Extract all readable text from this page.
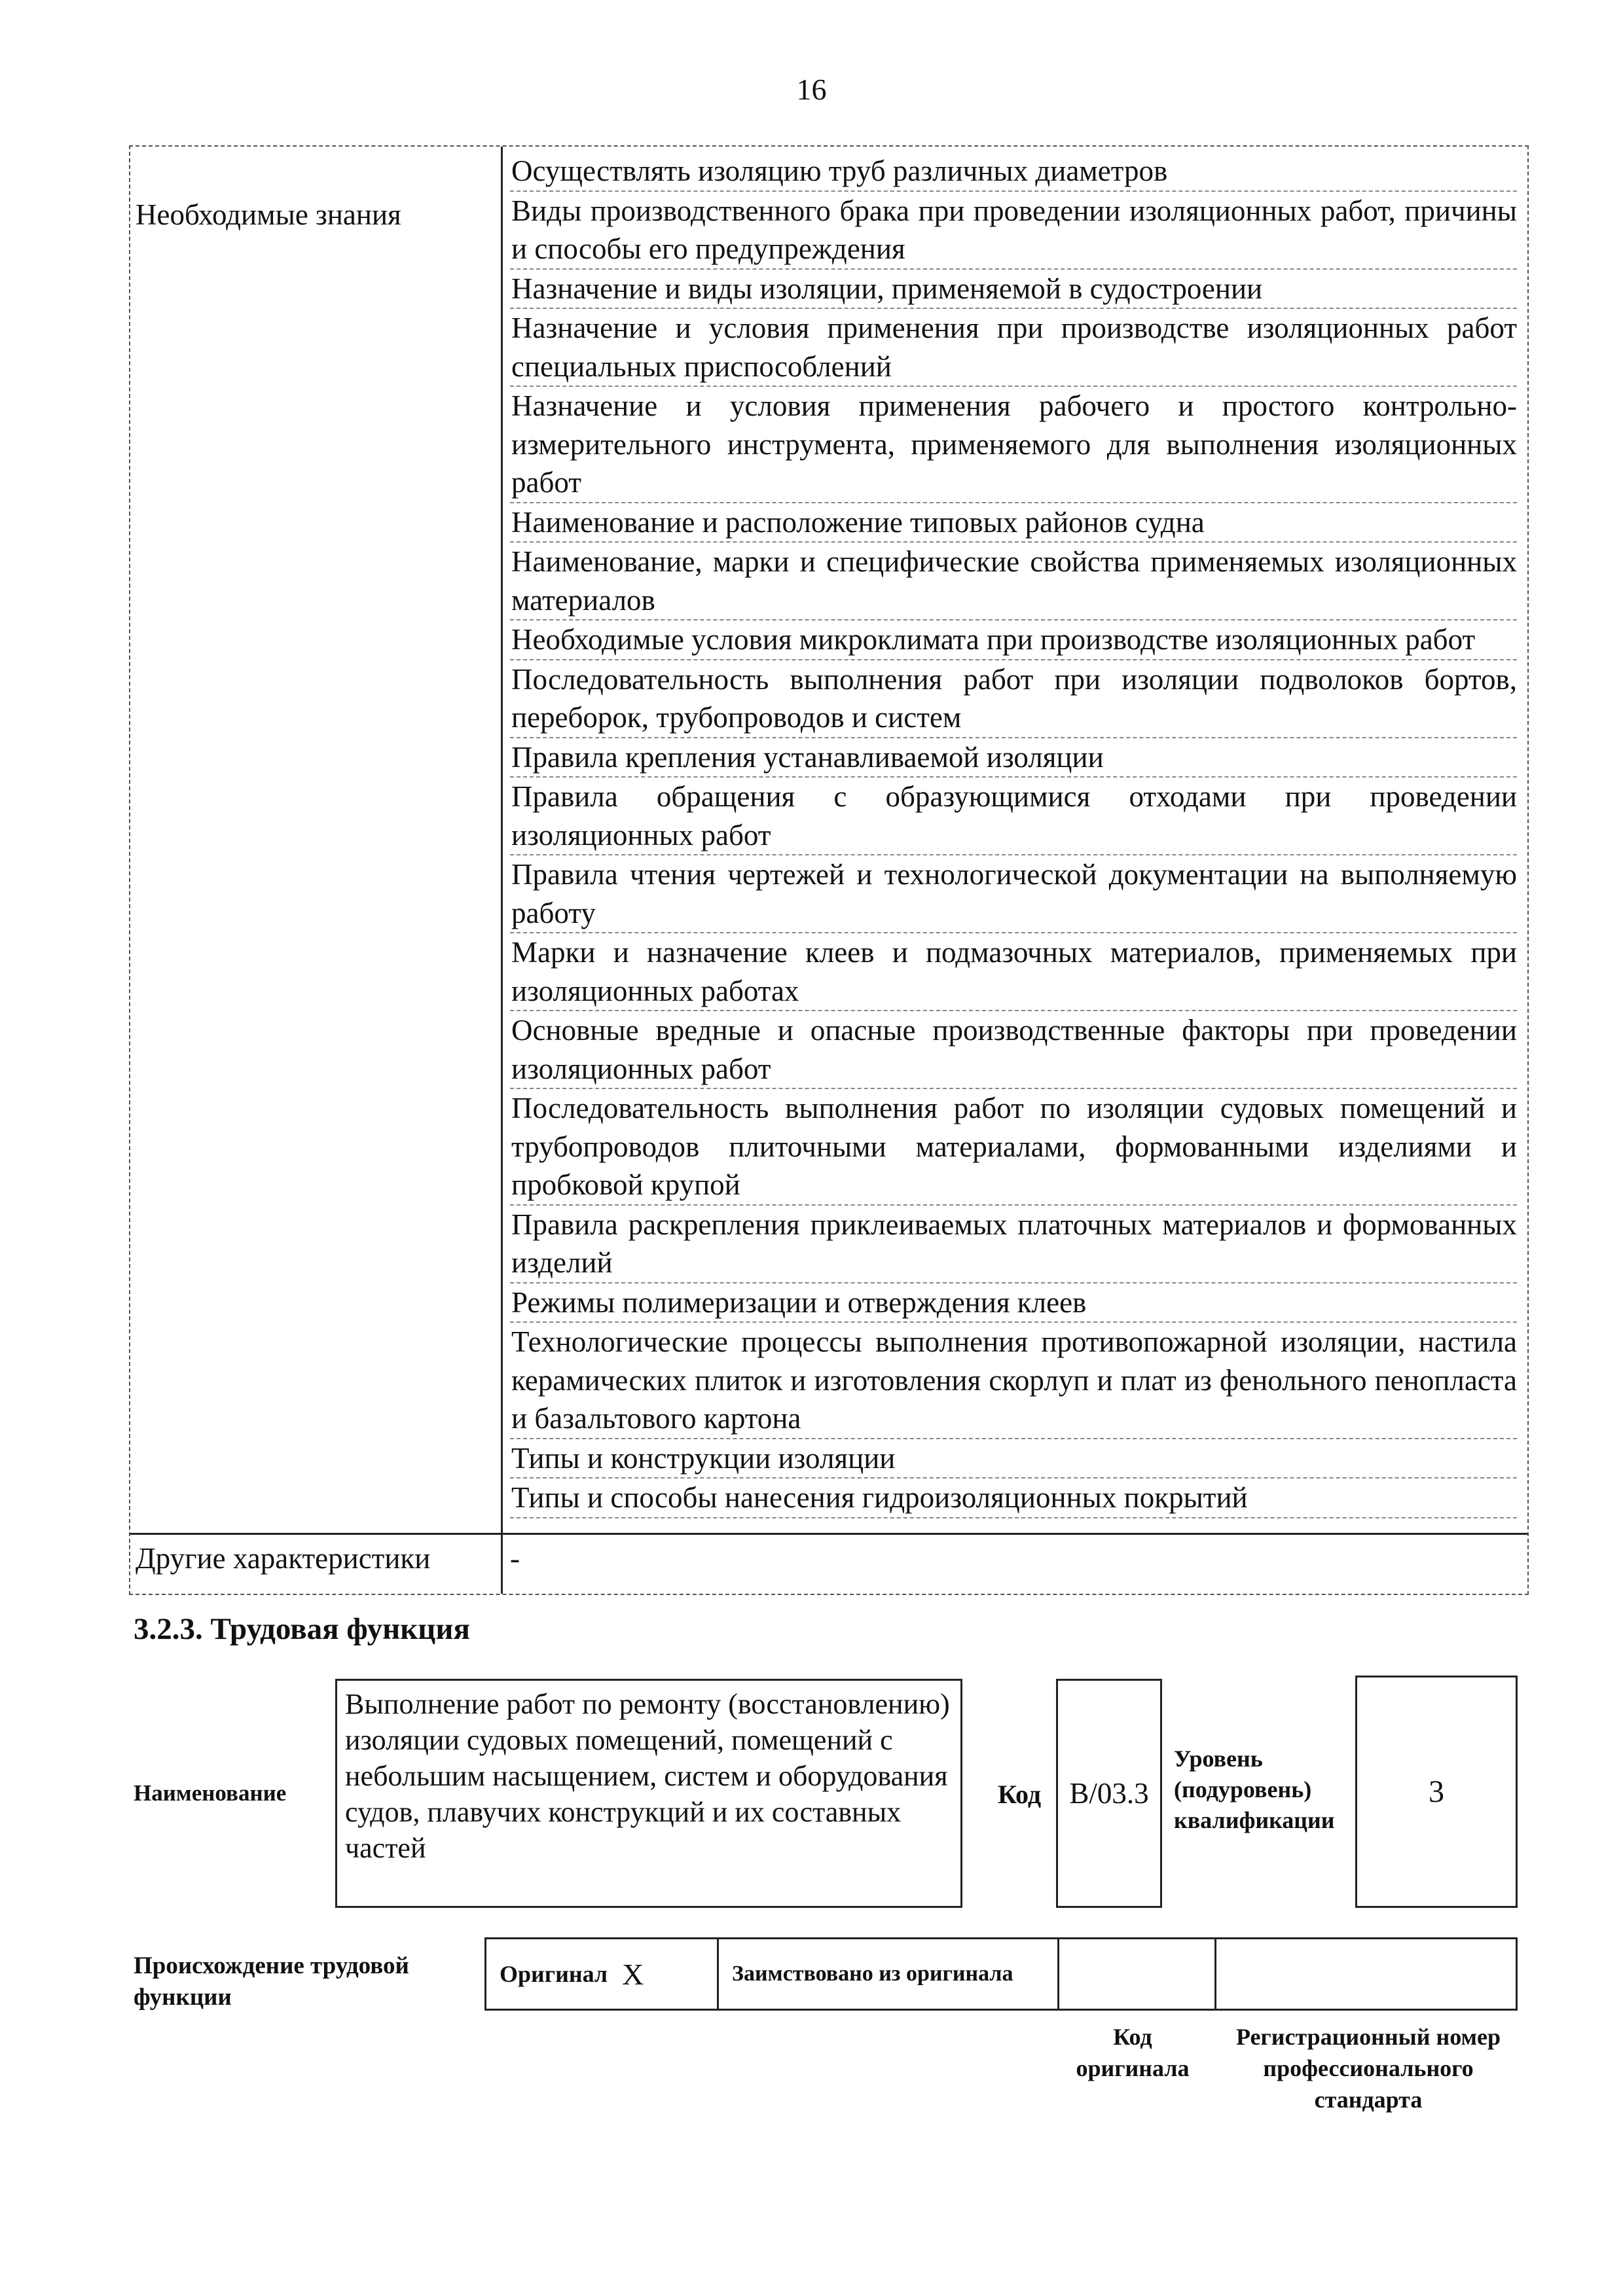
16
Необходимые знания
Осуществлять изоляцию труб различных диаметров
Виды производственного брака при проведении изоляционных работ, причины и способы его предупреждения
Назначение и виды изоляции, применяемой в судостроении
Назначение и условия применения при производстве изоляционных работ специальных приспособлений
Назначение и условия применения рабочего и простого контрольно-измерительного инструмента, применяемого для выполнения изоляционных работ
Наименование и расположение типовых районов судна
Наименование, марки и специфические свойства применяемых изоляционных материалов
Необходимые условия микроклимата при производстве изоляционных работ
Последовательность выполнения работ при изоляции подволоков бортов, переборок, трубопроводов и систем
Правила крепления устанавливаемой изоляции
Правила обращения с образующимися отходами при проведении изоляционных работ
Правила чтения чертежей и технологической документации на выполняемую работу
Марки и назначение клеев и подмазочных материалов, применяемых при изоляционных работах
Основные вредные и опасные производственные факторы при проведении изоляционных работ
Последовательность выполнения работ по изоляции судовых помещений и трубопроводов плиточными материалами, формованными изделиями и пробковой крупой
Правила раскрепления приклеиваемых платочных материалов и формованных изделий
Режимы полимеризации и отверждения клеев
Технологические процессы выполнения противопожарной изоляции, настила керамических плиток и изготовления скорлуп и плат из фенольного пенопласта и базальтового картона
Типы и конструкции изоляции
Типы и способы нанесения гидроизоляционных покрытий
Другие характеристики	-
3.2.3. Трудовая функция
Наименование
Выполнение работ по ремонту (восстановлению) изоляции судовых помещений, помещений с небольшим насыщением, систем и оборудования судов, плавучих конструкций и их составных частей
Код B/03.3
Уровень (подуровень) квалификации
3
Происхождение трудовой функции
Оригинал X	Заимствовано из оригинала
Код оригинала
Регистрационный номер профессионального стандарта
